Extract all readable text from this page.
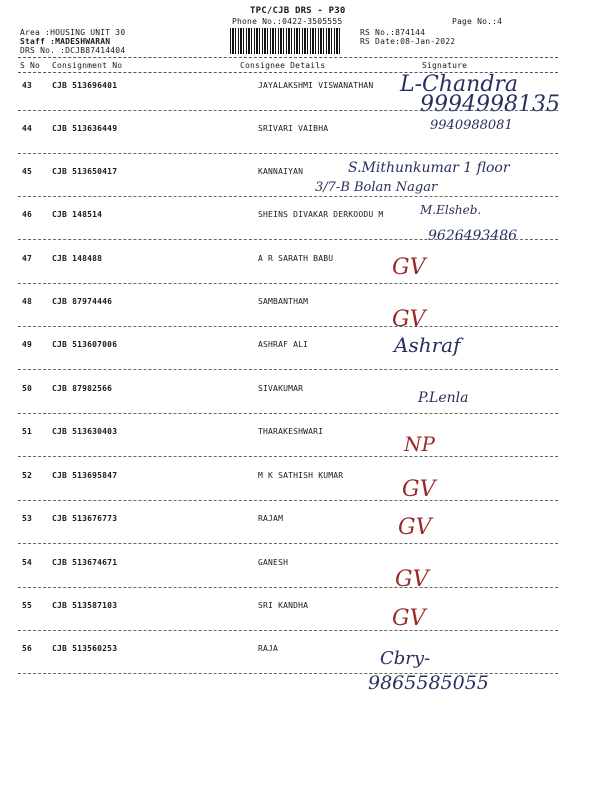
TPC/CJB DRS - P30
Phone No.:0422-3505555	Page No.:4
Area :HOUSING UNIT 30
Staff :MADESHWARAN
DRS No. :DCJB87414404
RS No.:874144
RS Date:08-Jan-2022
S No Consignment No	Consignee Details	Signature
43 CJB 513696401	JAYALAKSHMI VISWANATHAN L-Chandra
9994998135
44 CJB 513636449	SRIVARI VAIBHA	9940988081
45 CJB 513650417	KANNAIYAN	S.Mithunkumar 1 floor
3/7-B Bolan Nagar
46 CJB 148514	SHEINS DIVAKAR DERKOODU M	M.Elsheb.
9626493486
47 CJB 148488	A R SARATH BABU	GV
48 CJB 87974446	SAMBANTHAM
GV
49 CJB 513607006	ASHRAF ALI	Ashraf
50 CJB 87982566	SIVAKUMAR
P.Lenla
51 CJB 513630403	THARAKESHWARI
NP
52 CJB 513695847	M K SATHISH KUMAR
GV
53 CJB 513676773	RAJAM	GV
54 CJB 513674671	GANESH
GV
55 CJB 513587103	SRI KANDHA
GV
56 CJB 513560253	RAJA	Cbry-
9865585055
